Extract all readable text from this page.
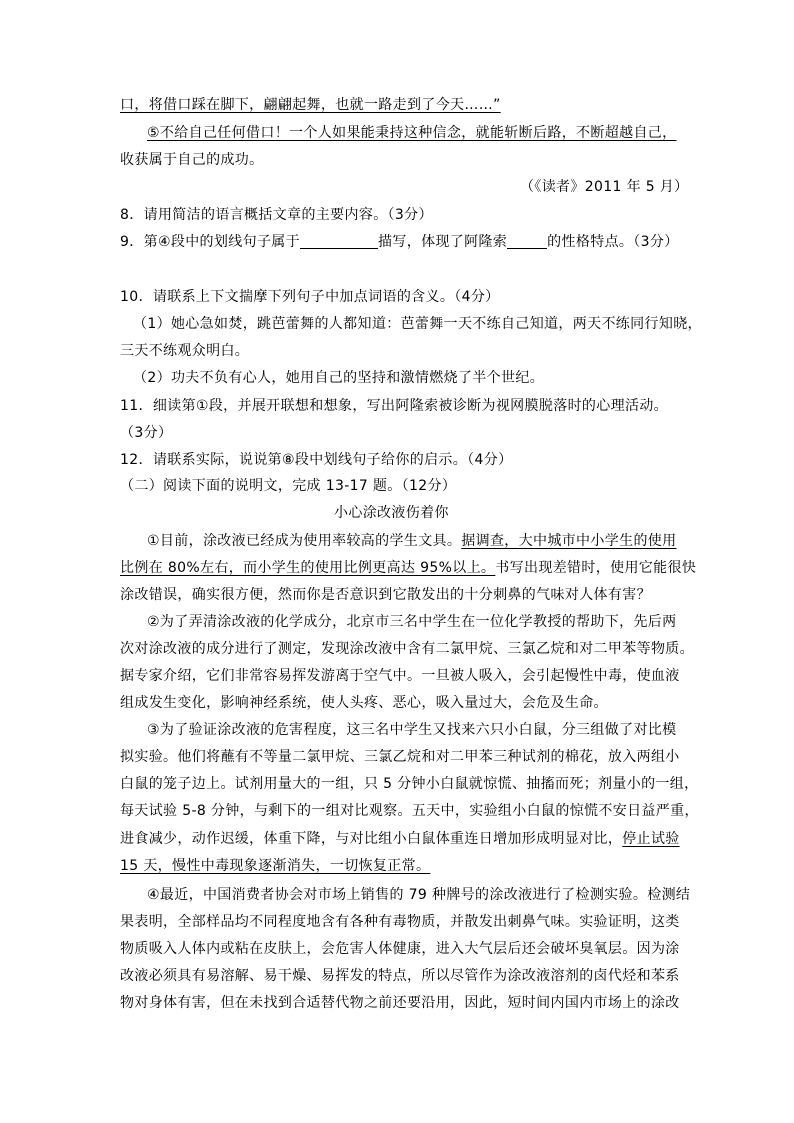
口，将借口踩在脚下，翩翩起舞，也就一路走到了今天……”
⑤不给自己任何借口！一个人如果能秉持这种信念，就能斩断后路，不断超越自己，
收获属于自己的成功。
（《读者》2011 年 5 月）
8．请用简洁的语言概括文章的主要内容。（3分）
9．第④段中的划线句子属于	描写，体现了阿隆索	的性格特点。（3分）
10．请联系上下文揣摩下列句子中加点词语的含义。（4分）
（1）她心急如焚，跳芭蕾舞的人都知道：芭蕾舞一天不练自己知道，两天不练同行知晓，
三天不练观众明白。
（2）功夫不负有心人，她用自己的坚持和激情燃烧了半个世纪。
11．细读第①段，并展开联想和想象，写出阿隆索被诊断为视网膜脱落时的心理活动。
（3分）
12．请联系实际，说说第⑧段中划线句子给你的启示。（4分）
（二）阅读下面的说明文，完成 13-17 题。（12分）
小心涂改液伤着你
①目前，涂改液已经成为使用率较高的学生文具。据调查，大中城市中小学生的使用
比例在 80%左右，而小学生的使用比例更高达 95%以上。书写出现差错时，使用它能很快
涂改错误，确实很方便，然而你是否意识到它散发出的十分刺鼻的气味对人体有害？
②为了弄清涂改液的化学成分，北京市三名中学生在一位化学教授的帮助下，先后两
次对涂改液的成分进行了测定，发现涂改液中含有二氯甲烷、三氯乙烷和对二甲苯等物质。
据专家介绍，它们非常容易挥发游离于空气中。一旦被人吸入，会引起慢性中毒，使血液
组成发生变化，影响神经系统，使人头疼、恶心，吸入量过大，会危及生命。
③为了验证涂改液的危害程度，这三名中学生又找来六只小白鼠，分三组做了对比模
拟实验。他们将蘸有不等量二氯甲烷、三氯乙烷和对二甲苯三种试剂的棉花，放入两组小
白鼠的笼子边上。试剂用量大的一组，只 5 分钟小白鼠就惊慌、抽搐而死；剂量小的一组，
每天试验 5-8 分钟，与剩下的一组对比观察。五天中，实验组小白鼠的惊慌不安日益严重，
进食减少，动作迟缓，体重下降，与对比组小白鼠体重连日增加形成明显对比，停止试验
15 天，慢性中毒现象逐渐消失，一切恢复正常。
④最近，中国消费者协会对市场上销售的 79 种牌号的涂改液进行了检测实验。检测结
果表明，全部样品均不同程度地含有各种有毒物质，并散发出刺鼻气味。实验证明，这类
物质吸入人体内或粘在皮肤上，会危害人体健康，进入大气层后还会破坏臭氧层。因为涂
改液必须具有易溶解、易干燥、易挥发的特点，所以尽管作为涂改液溶剂的卤代烃和苯系
物对身体有害，但在未找到合适替代物之前还要沿用，因此，短时间内国内市场上的涂改
